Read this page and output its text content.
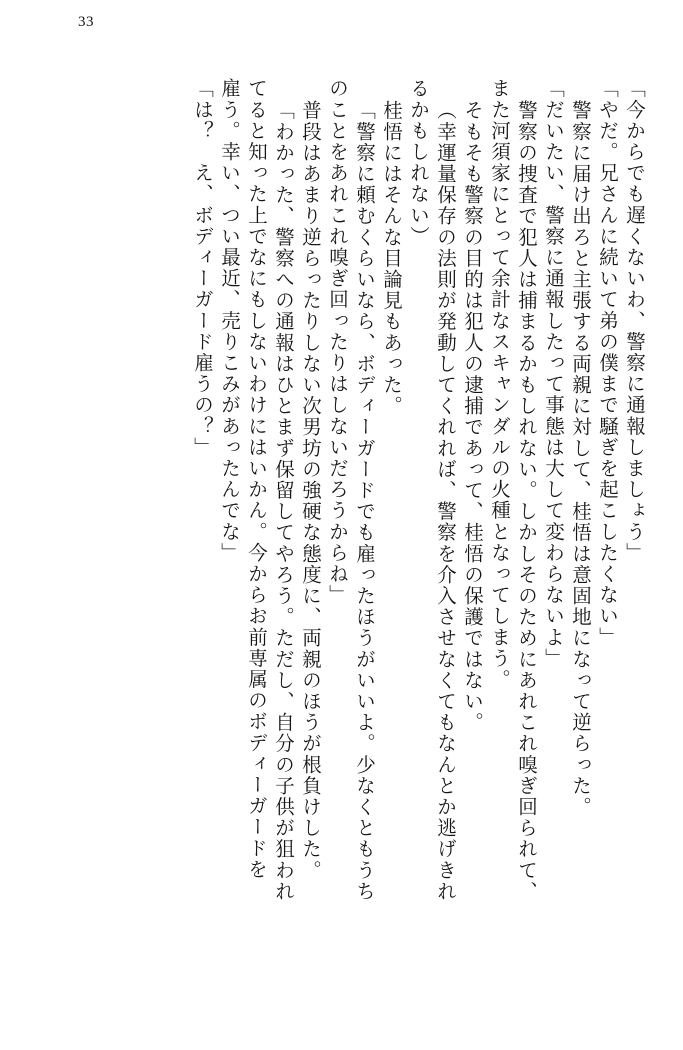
33
「今からでも遅くないわ、警察に通報しましょう」
「やだ。兄さんに続いて弟の僕まで騒ぎを起こしたくない」
警察に届け出ろと主張する両親に対して、桂悟は意固地になって逆らった。
「だいたい、警察に通報したって事態は大して変わらないよ」
警察の捜査で犯人は捕まるかもしれない。しかしそのためにあれこれ嗅ぎ回られて、
また河須家にとって余計なスキャンダルの火種となってしまう。
そもそも警察の目的は犯人の逮捕であって、桂悟の保護ではない。
（幸運量保存の法則が発動してくれれば、警察を介入させなくてもなんとか逃げきれ
るかもしれない）
桂悟にはそんな目論見もあった。
「警察に頼むくらいなら、ボディーガードでも雇ったほうがいいよ。少なくともうち
のことをあれこれ嗅ぎ回ったりはしないだろうからね」
普段はあまり逆らったりしない次男坊の強硬な態度に、両親のほうが根負けした。
「わかった、警察への通報はひとまず保留してやろう。ただし、自分の子供が狙われ
てると知った上でなにもしないわけにはいかん。今からお前専属のボディーガードを
雇う。幸い、つい最近、売りこみがあったんでな」
「は？　え、ボディーガード雇うの？」
